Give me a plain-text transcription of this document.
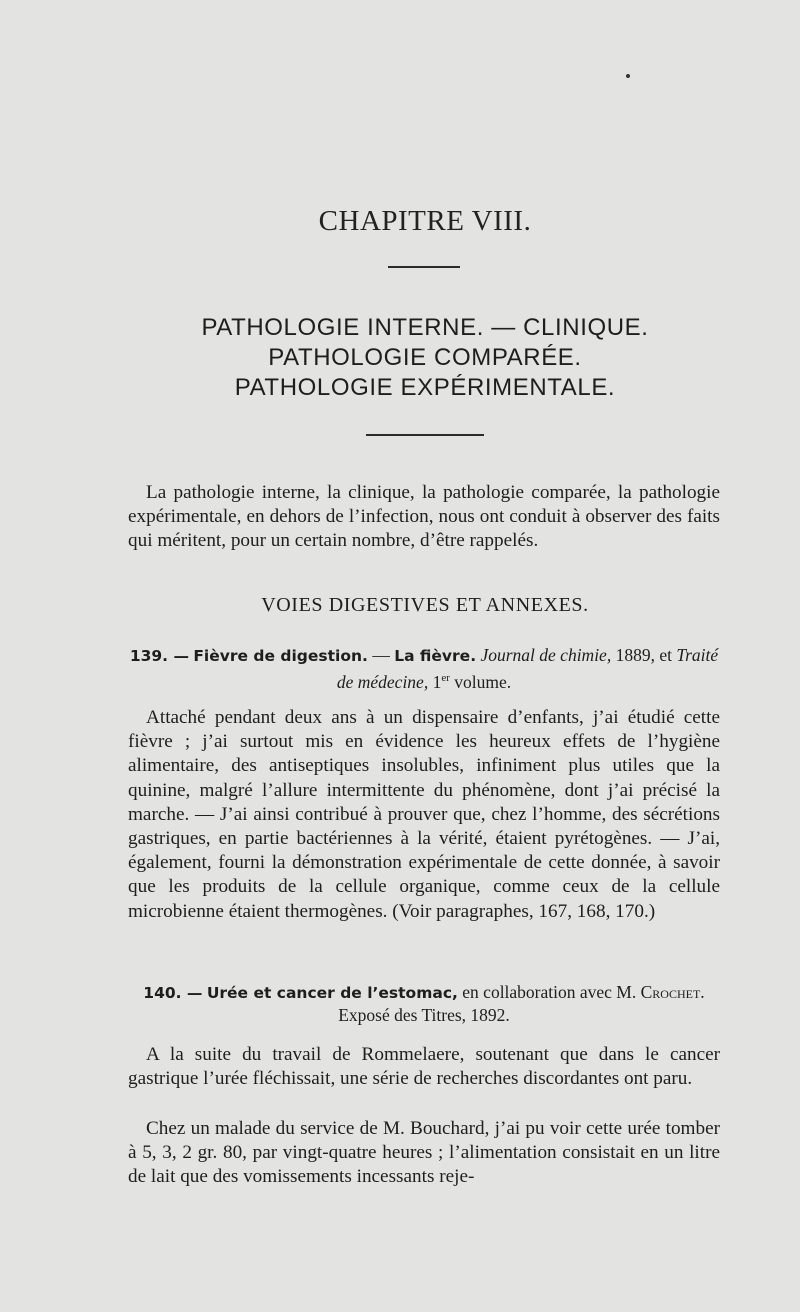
CHAPITRE VIII.
PATHOLOGIE INTERNE. — CLINIQUE.
PATHOLOGIE COMPARÉE.
PATHOLOGIE EXPÉRIMENTALE.

La pathologie interne, la clinique, la pathologie comparée, la pathologie expérimentale, en dehors de l’infection, nous ont conduit à observer des faits qui méritent, pour un certain nombre, d’être rappelés.

VOIES DIGESTIVES ET ANNEXES.
139. — Fièvre de digestion. — La fièvre. Journal de chimie, 1889, et Traité de médecine, 1er volume.

Attaché pendant deux ans à un dispensaire d’enfants, j’ai étudié cette fièvre ; j’ai surtout mis en évidence les heureux effets de l’hygiène alimentaire, des antiseptiques insolubles, infiniment plus utiles que la quinine, malgré l’allure intermittente du phénomène, dont j’ai précisé la marche. — J’ai ainsi contribué à prouver que, chez l’homme, des sécrétions gastriques, en partie bactériennes à la vérité, étaient pyrétogènes. — J’ai, également, fourni la démonstration expérimentale de cette donnée, à savoir que les produits de la cellule organique, comme ceux de la cellule microbienne étaient thermogènes. (Voir paragraphes, 167, 168, 170.)

140. — Urée et cancer de l’estomac, en collaboration avec M. Crochet.
Exposé des Titres, 1892.

A la suite du travail de Rommelaere, soutenant que dans le cancer gastrique l’urée fléchissait, une série de recherches discordantes ont paru.

Chez un malade du service de M. Bouchard, j’ai pu voir cette urée tomber à 5, 3, 2 gr. 80, par vingt-quatre heures ; l’alimentation consistait en un litre de lait que des vomissements incessants reje-
